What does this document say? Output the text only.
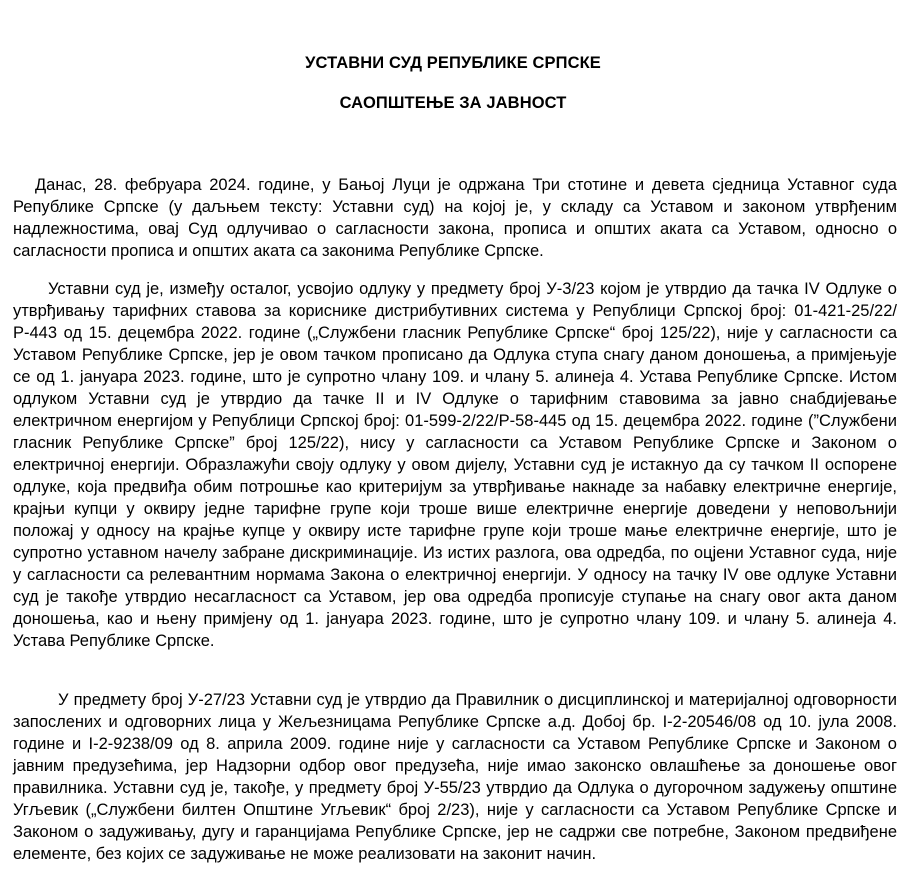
УСТАВНИ СУД РЕПУБЛИКЕ СРПСКЕ
САОПШТЕЊЕ ЗА ЈАВНОСТ

Данас, 28. фебруара 2024. године, у Бањој Луци је одржана Три стотине и девета сједница Уставног суда Републике Српске (у даљњем тексту: Уставни суд) на којој је, у складу са Уставом и законом утврђеним надлежностима, овај Суд одлучивао о сагласности закона, прописа и општих аката са Уставом, односно о сагласности прописа и општих аката са законима Републике Српске.

Уставни суд је, између осталог, усвојио одлуку у предмету број У-3/23 којом је утврдио да тачка IV Одлуке о утврђивању тарифних ставова за кориснике дистрибутивних система у Републици Српској број: 01-421-25/22/Р-443 од 15. децембра 2022. године („Службени гласник Републике Српске“ број 125/22), није у сагласности са Уставом Републике Српске, јер је овом тачком прописано да Одлука ступа снагу даном доношења, а примјењује се од 1. јануара 2023. године, што је супротно члану 109. и члану 5. алинеја 4. Устава Републике Српске. Истом одлуком Уставни суд је утврдио да тачке II и IV Одлуке о тарифним ставовима за јавно снабдијевање електричном енергијом у Републици Српској број: 01-599-2/22/Р-58-445 од 15. децембра 2022. године (”Службени гласник Републике Српске” број 125/22), нису у сагласности са Уставом Републике Српске и Законом о електричној енергији. Образлажући своју одлуку у овом дијелу, Уставни суд је истакнуо да су тачком II оспорене одлуке, која предвиђа обим потрошње као критеријум за утврђивање накнаде за набавку електричне енергије, крајњи купци у оквиру једне тарифне групе који троше више електричне енергије доведени у неповољнији положај у односу на крајње купце у оквиру исте тарифне групе који троше мање електричне енергије, што је супротно уставном начелу забране дискриминације. Из истих разлога, ова одредба, по оцјени Уставног суда, није у сагласности са релевантним нормама Закона о електричној енергији. У односу на тачку IV ове одлуке Уставни суд је такође утврдио несагласност са Уставом, јер ова одредба прописује ступање на снагу овог акта даном доношења, као и њену примјену од 1. јануара 2023. године, што је супротно члану 109. и члану 5. алинеја 4. Устава Републике Српске.

У предмету број У-27/23 Уставни суд је утврдио да Правилник о дисциплинској и материјалној одговорности запослених и одговорних лица у Жељезницама Републике Српске а.д. Добој бр. I-2-20546/08 од 10. јула 2008. године и I-2-9238/09 од 8. априла 2009. године није у сагласности са Уставом Републике Српске и Законом о јавним предузећима, јер Надзорни одбор овог предузећа, није имао законско овлашћење за доношење овог правилника. Уставни суд је, такође, у предмету број У-55/23 утврдио да Одлука о дугорочном задужењу општине Угљевик („Службени билтен Општине Угљевик“ број 2/23), није у сагласности са Уставом Републике Српске и Законом о задуживању, дугу и гаранцијама Републике Српске, јер не садржи све потребне, Законом предвиђене елементе, без којих се задуживање не може реализовати на законит начин.
